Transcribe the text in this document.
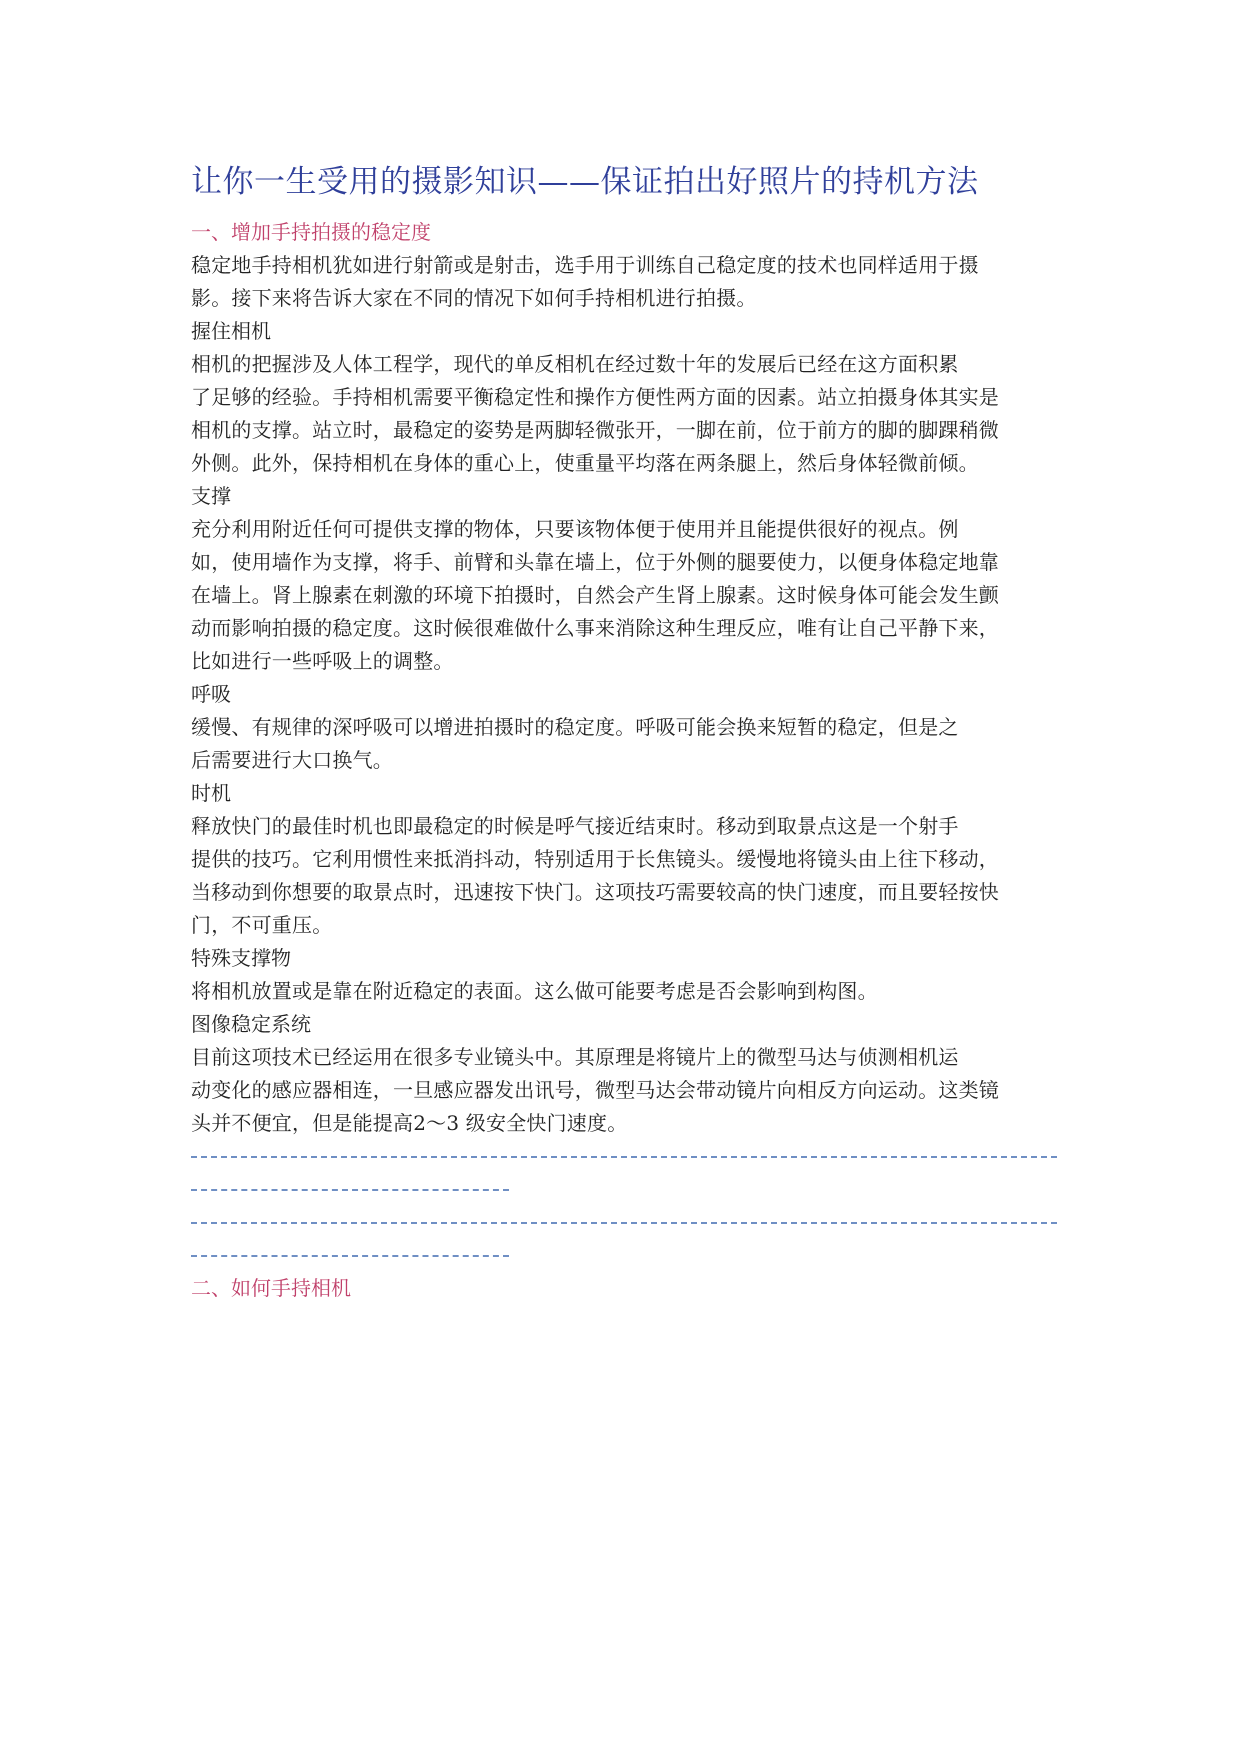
让你一生受用的摄影知识——保证拍出好照片的持机方法
一、增加手持拍摄的稳定度
稳定地手持相机犹如进行射箭或是射击，选手用于训练自己稳定度的技术也同样适用于摄
影。接下来将告诉大家在不同的情况下如何手持相机进行拍摄。
握住相机
相机的把握涉及人体工程学，现代的单反相机在经过数十年的发展后已经在这方面积累
了足够的经验。手持相机需要平衡稳定性和操作方便性两方面的因素。站立拍摄身体其实是
相机的支撑。站立时，最稳定的姿势是两脚轻微张开，一脚在前，位于前方的脚的脚踝稍微
外侧。此外，保持相机在身体的重心上，使重量平均落在两条腿上，然后身体轻微前倾。
支撑
充分利用附近任何可提供支撑的物体，只要该物体便于使用并且能提供很好的视点。例
如，使用墙作为支撑，将手、前臂和头靠在墙上，位于外侧的腿要使力，以便身体稳定地靠
在墙上。肾上腺素在刺激的环境下拍摄时，自然会产生肾上腺素。这时候身体可能会发生颤
动而影响拍摄的稳定度。这时候很难做什么事来消除这种生理反应，唯有让自己平静下来，
比如进行一些呼吸上的调整。
呼吸
缓慢、有规律的深呼吸可以增进拍摄时的稳定度。呼吸可能会换来短暂的稳定，但是之
后需要进行大口换气。
时机
释放快门的最佳时机也即最稳定的时候是呼气接近结束时。移动到取景点这是一个射手
提供的技巧。它利用惯性来抵消抖动，特别适用于长焦镜头。缓慢地将镜头由上往下移动，
当移动到你想要的取景点时，迅速按下快门。这项技巧需要较高的快门速度，而且要轻按快
门，不可重压。
特殊支撑物
将相机放置或是靠在附近稳定的表面。这么做可能要考虑是否会影响到构图。
图像稳定系统
目前这项技术已经运用在很多专业镜头中。其原理是将镜片上的微型马达与侦测相机运
动变化的感应器相连，一旦感应器发出讯号，微型马达会带动镜片向相反方向运动。这类镜
头并不便宜，但是能提高2～3 级安全快门速度。
二、如何手持相机
